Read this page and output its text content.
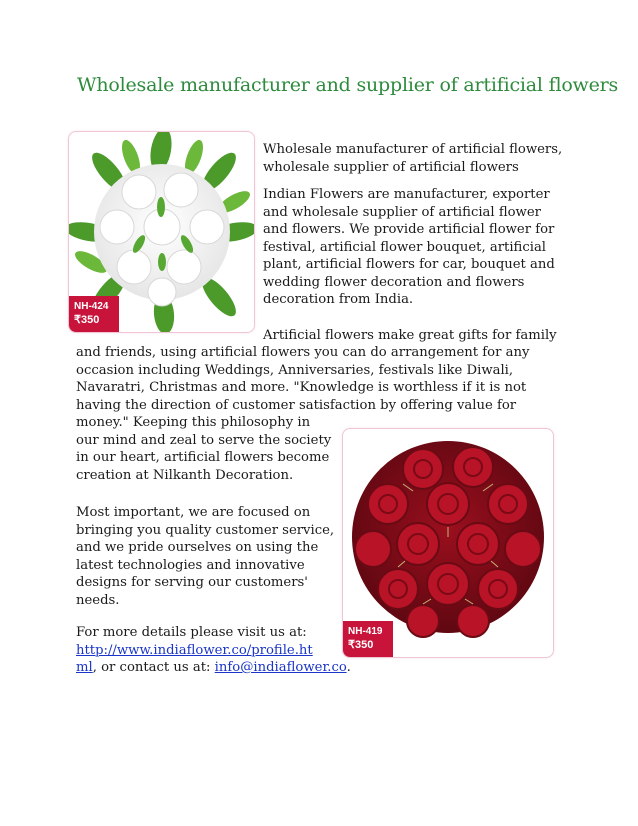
Wholesale manufacturer and supplier of artificial flowers
NH-424
₹350

Wholesale manufacturer of artificial flowers, wholesale supplier of artificial flowers

Indian Flowers are manufacturer, exporter and wholesale supplier of artificial flower and flowers. We provide artificial flower for festival, artificial flower bouquet, artificial plant, artificial flowers for car, bouquet and wedding flower decoration and flowers decoration from India.

Artificial flowers make great gifts for family

and friends, using artificial flowers you can do arrangement for any

occasion including Weddings, Anniversaries, festivals like Diwali,

Navaratri, Christmas and more. "Knowledge is worthless if it is not

having the direction of customer satisfaction by offering value for

money." Keeping this philosophy in

our mind and zeal to serve the society

in our heart, artificial flowers become

creation at Nilkanth Decoration.

NH-419
₹350

Most important, we are focused on

bringing you quality customer service,

and we pride ourselves on using the

latest technologies and innovative

designs for serving our customers'

needs.

For more details please visit us at:

http://www.indiaflower.co/profile.ht

ml, or contact us at: info@indiaflower.co.
